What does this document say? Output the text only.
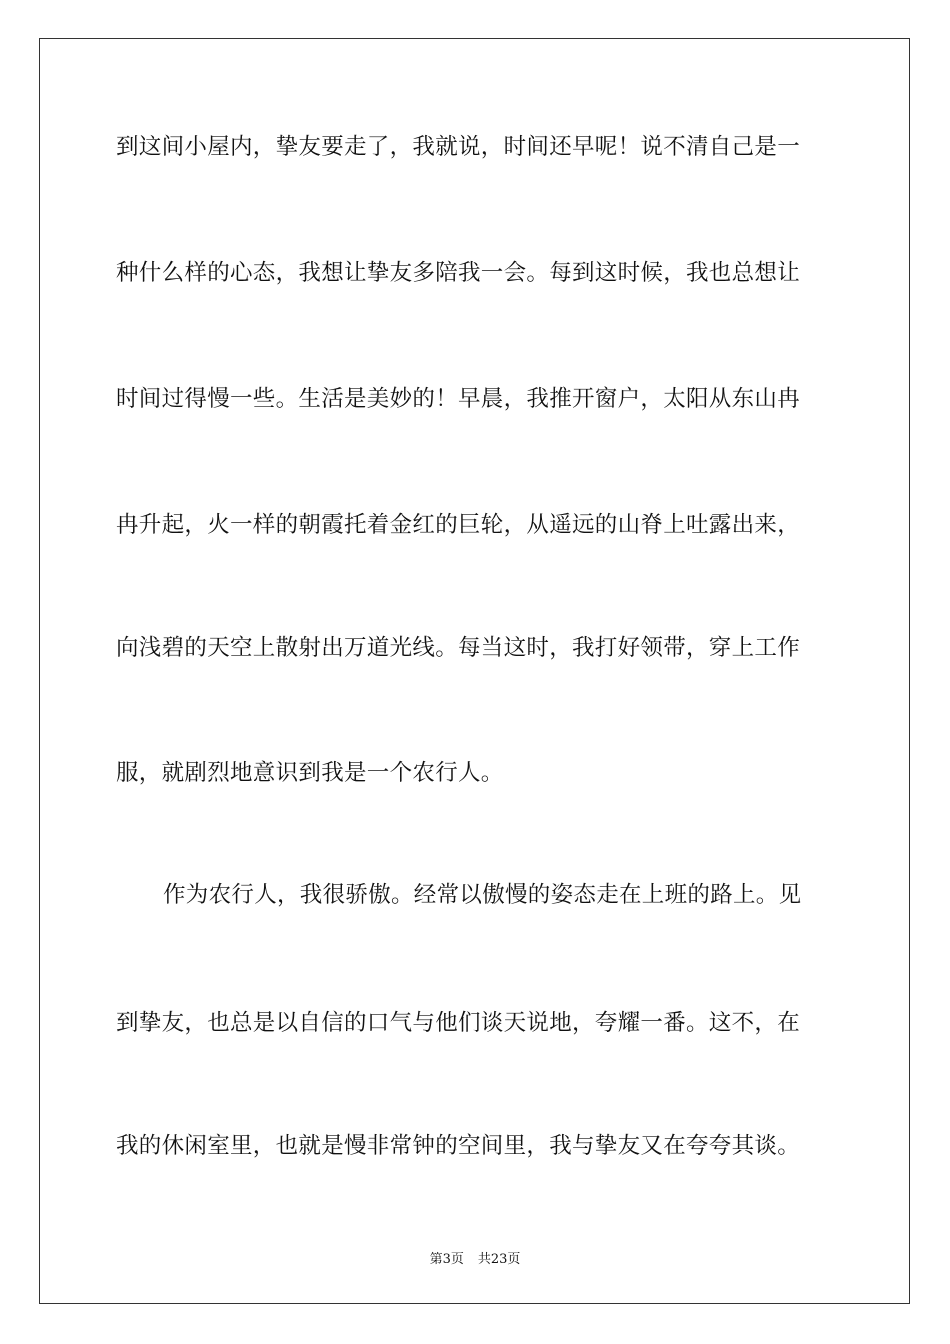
到这间小屋内，挚友要走了，我就说，时间还早呢！说不清自己是一
种什么样的心态，我想让挚友多陪我一会。每到这时候，我也总想让
时间过得慢一些。生活是美妙的！早晨，我推开窗户，太阳从东山冉
冉升起，火一样的朝霞托着金红的巨轮，从遥远的山脊上吐露出来，
向浅碧的天空上散射出万道光线。每当这时，我打好领带，穿上工作
服，就剧烈地意识到我是一个农行人。
作为农行人，我很骄傲。经常以傲慢的姿态走在上班的路上。见
到挚友，也总是以自信的口气与他们谈天说地，夸耀一番。这不，在
我的休闲室里，也就是慢非常钟的空间里，我与挚友又在夸夸其谈。
第3页 共23页
